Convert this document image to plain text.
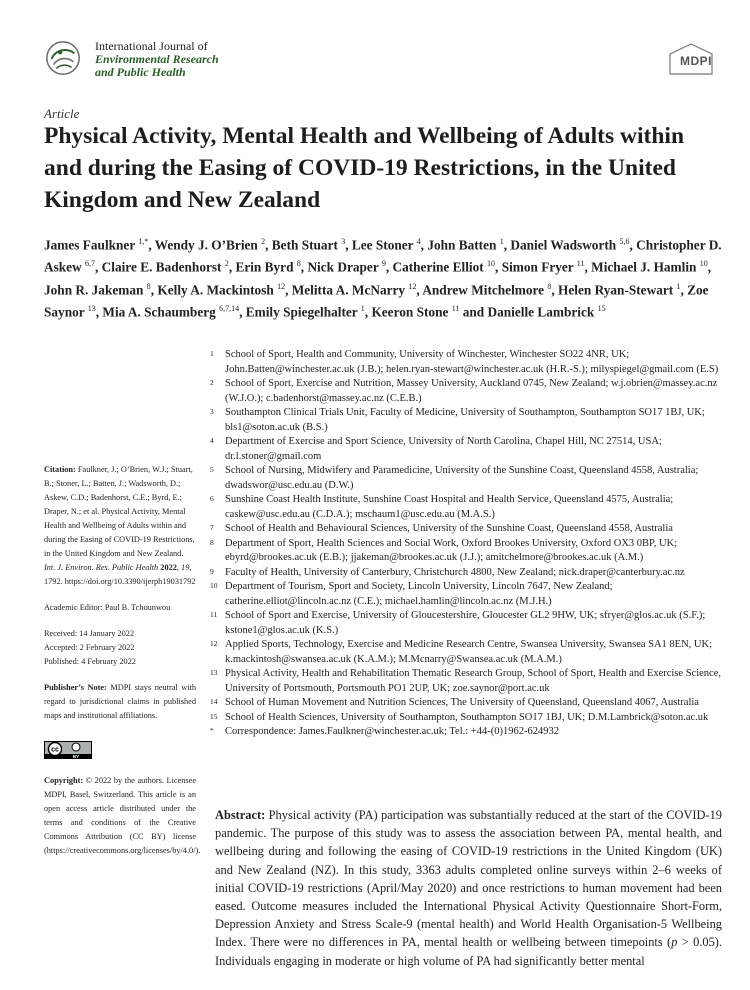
International Journal of
Environmental Research
and Public Health
MDPI
Article
Physical Activity, Mental Health and Wellbeing of Adults within and during the Easing of COVID-19 Restrictions, in the United Kingdom and New Zealand
James Faulkner $^{1,*}$, Wendy J. O’Brien $^2$, Beth Stuart $^3$, Lee Stoner $^4$, John Batten $^1$, Daniel Wadsworth $^{5,6}$, Christopher D. Askew $^{6,7}$, Claire E. Badenhorst $^2$, Erin Byrd $^8$, Nick Draper $^9$, Catherine Elliot $^{10}$, Simon Fryer $^{11}$, Michael J. Hamlin $^{10}$, John R. Jakeman $^8$, Kelly A. Mackintosh $^{12}$, Melitta A. McNarry $^{12}$, Andrew Mitchelmore $^8$, Helen Ryan-Stewart $^1$, Zoe Saynor $^{13}$, Mia A. Schaumberg $^{6,7,14}$, Emily Spiegelhalter $^1$, Keeron Stone $^{11}$ and Danielle Lambrick $^{15}$
1 School of Sport, Health and Community, University of Winchester, Winchester SO22 4NR, UK; John.Batten@winchester.ac.uk (J.B.); helen.ryan-stewart@winchester.ac.uk (H.R.-S.); milyspiegel@gmail.com (E.S)
2 School of Sport, Exercise and Nutrition, Massey University, Auckland 0745, New Zealand; w.j.obrien@massey.ac.nz (W.J.O.); c.badenhorst@massey.ac.nz (C.E.B.)
3 Southampton Clinical Trials Unit, Faculty of Medicine, University of Southampton, Southampton SO17 1BJ, UK; bls1@soton.ac.uk (B.S.)
4 Department of Exercise and Sport Science, University of North Carolina, Chapel Hill, NC 27514, USA; dr.l.stoner@gmail.com
5 School of Nursing, Midwifery and Paramedicine, University of the Sunshine Coast, Queensland 4558, Australia; dwadswor@usc.edu.au (D.W.)
6 Sunshine Coast Health Institute, Sunshine Coast Hospital and Health Service, Queensland 4575, Australia; caskew@usc.edu.au (C.D.A.); mschaum1@usc.edu.au (M.A.S.)
7 School of Health and Behavioural Sciences, University of the Sunshine Coast, Queensland 4558, Australia
8 Department of Sport, Health Sciences and Social Work, Oxford Brookes University, Oxford OX3 0BP, UK; ebyrd@brookes.ac.uk (E.B.); jjakeman@brookes.ac.uk (J.J.); amitchelmore@brookes.ac.uk (A.M.)
9 Faculty of Health, University of Canterbury, Christchurch 4800, New Zealand; nick.draper@canterbury.ac.nz
10 Department of Tourism, Sport and Society, Lincoln University, Lincoln 7647, New Zealand; catherine.elliot@lincoln.ac.nz (C.E.); michael.hamlin@lincoln.ac.nz (M.J.H.)
11 School of Sport and Exercise, University of Gloucestershire, Gloucester GL2 9HW, UK; sfryer@glos.ac.uk (S.F.); kstone1@glos.ac.uk (K.S.)
12 Applied Sports, Technology, Exercise and Medicine Research Centre, Swansea University, Swansea SA1 8EN, UK; k.mackintosh@swansea.ac.uk (K.A.M.); M.Mcnarry@Swansea.ac.uk (M.A.M.)
13 Physical Activity, Health and Rehabilitation Thematic Research Group, School of Sport, Health and Exercise Science, University of Portsmouth, Portsmouth PO1 2UP, UK; zoe.saynor@port.ac.uk
14 School of Human Movement and Nutrition Sciences, The University of Queensland, Queensland 4067, Australia
15 School of Health Sciences, University of Southampton, Southampton SO17 1BJ, UK; D.M.Lambrick@soton.ac.uk
* Correspondence: James.Faulkner@winchester.ac.uk; Tel.: +44-(0)1962-624932

Citation: Faulkner, J.; O’Brien, W.J.; Stuart, B.; Stoner, L.; Batten, J.; Wadsworth, D.; Askew, C.D.; Badenhorst, C.E.; Byrd, E.; Draper, N.; et al. Physical Activity, Mental Health and Wellbeing of Adults within and during the Easing of COVID-19 Restrictions, in the United Kingdom and New Zealand. Int. J. Environ. Res. Public Health 2022, 19, 1792. https://doi.org/10.3390/ijerph19031792

Academic Editor: Paul B. Tchounwou

Received: 14 January 2022

Accepted: 2 February 2022

Published: 4 February 2022

Publisher’s Note: MDPI stays neutral with regard to jurisdictional claims in published maps and institutional affiliations.

cc
BY

Copyright: © 2022 by the authors. Licensee MDPI, Basel, Switzerland. This article is an open access article distributed under the terms and conditions of the Creative Commons Attribution (CC BY) license (https://creativecommons.org/licenses/by/4.0/).

Abstract: Physical activity (PA) participation was substantially reduced at the start of the COVID-19 pandemic. The purpose of this study was to assess the association between PA, mental health, and wellbeing during and following the easing of COVID-19 restrictions in the United Kingdom (UK) and New Zealand (NZ). In this study, 3363 adults completed online surveys within 2–6 weeks of initial COVID-19 restrictions (April/May 2020) and once restrictions to human movement had been eased. Outcome measures included the International Physical Activity Questionnaire Short-Form, Depression Anxiety and Stress Scale-9 (mental health) and World Health Organisation-5 Wellbeing Index. There were no differences in PA, mental health or wellbeing between timepoints (p > 0.05). Individuals engaging in moderate or high volume of PA had significantly better mental
